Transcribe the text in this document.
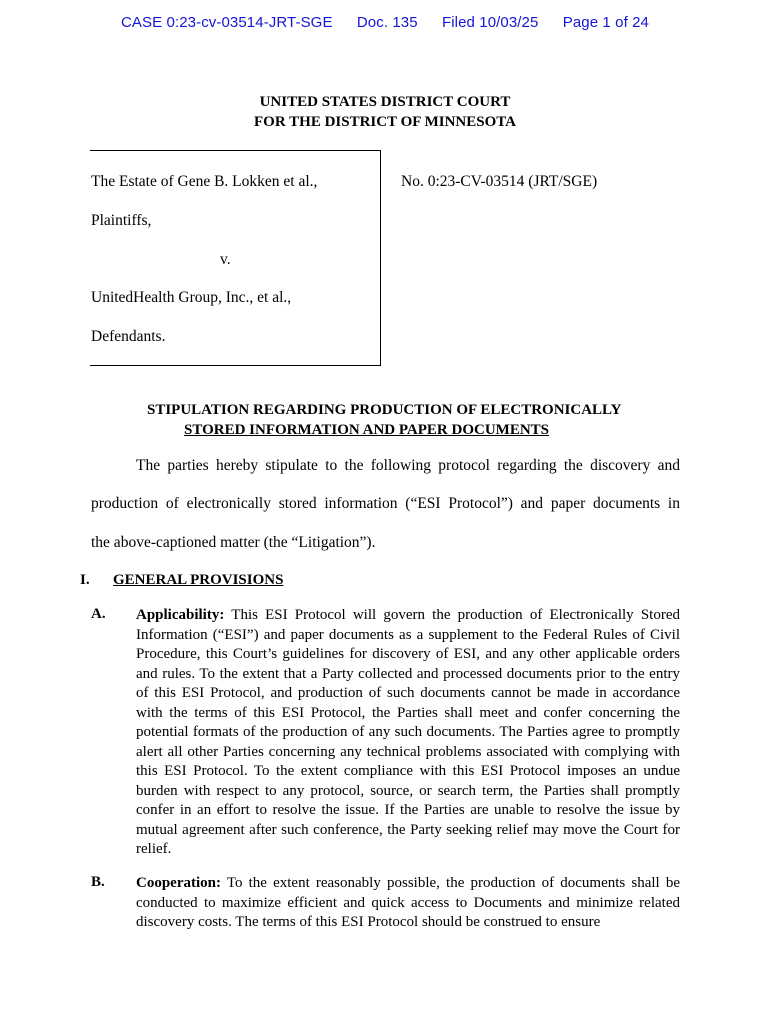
CASE 0:23-cv-03514-JRT-SGE Doc. 135 Filed 10/03/25 Page 1 of 24
UNITED STATES DISTRICT COURT
FOR THE DISTRICT OF MINNESOTA
The Estate of Gene B. Lokken et al.,
Plaintiffs,
v.
UnitedHealth Group, Inc., et al.,
Defendants.
No. 0:23-CV-03514 (JRT/SGE)
STIPULATION REGARDING PRODUCTION OF ELECTRONICALLY
STORED INFORMATION AND PAPER DOCUMENTS
The parties hereby stipulate to the following protocol regarding the discovery and
production of electronically stored information (“ESI Protocol”) and paper documents in
the above-captioned matter (the “Litigation”).
I. GENERAL PROVISIONS
A. Applicability: This ESI Protocol will govern the production of Electronically Stored Information (“ESI”) and paper documents as a supplement to the Federal Rules of Civil Procedure, this Court’s guidelines for discovery of ESI, and any other applicable orders and rules. To the extent that a Party collected and processed documents prior to the entry of this ESI Protocol, and production of such documents cannot be made in accordance with the terms of this ESI Protocol, the Parties shall meet and confer concerning the potential formats of the production of any such documents. The Parties agree to promptly alert all other Parties concerning any technical problems associated with complying with this ESI Protocol. To the extent compliance with this ESI Protocol imposes an undue burden with respect to any protocol, source, or search term, the Parties shall promptly confer in an effort to resolve the issue. If the Parties are unable to resolve the issue by mutual agreement after such conference, the Party seeking relief may move the Court for relief.
B. Cooperation: To the extent reasonably possible, the production of documents shall be conducted to maximize efficient and quick access to Documents and minimize related discovery costs. The terms of this ESI Protocol should be construed to ensure
